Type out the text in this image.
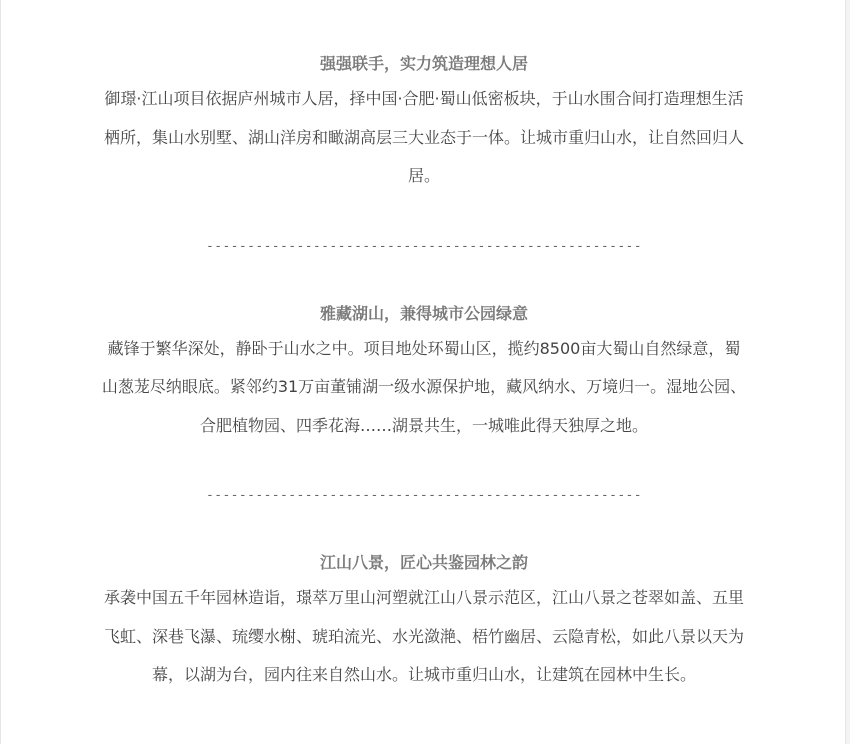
强强联手，实力筑造理想人居

御璟·江山项目依据庐州城市人居，择中国·合肥·蜀山低密板块，于山水围合间打造理想生活栖所，集山水别墅、湖山洋房和瞰湖高层三大业态于一体。让城市重归山水，让自然回归人居。

-----------------------------------------------------
雅藏湖山，兼得城市公园绿意

藏锋于繁华深处，静卧于山水之中。项目地处环蜀山区，揽约8500亩大蜀山自然绿意，蜀山葱茏尽纳眼底。紧邻约31万亩董铺湖一级水源保护地，藏风纳水、万境归一。湿地公园、合肥植物园、四季花海……湖景共生，一城唯此得天独厚之地。

-----------------------------------------------------
江山八景，匠心共鉴园林之韵

承袭中国五千年园林造诣，璟萃万里山河塑就江山八景示范区，江山八景之苍翠如盖、五里飞虹、深巷飞瀑、琉缨水榭、琥珀流光、水光潋滟、梧竹幽居、云隐青松，如此八景以天为幕，以湖为台，园内往来自然山水。让城市重归山水，让建筑在园林中生长。
